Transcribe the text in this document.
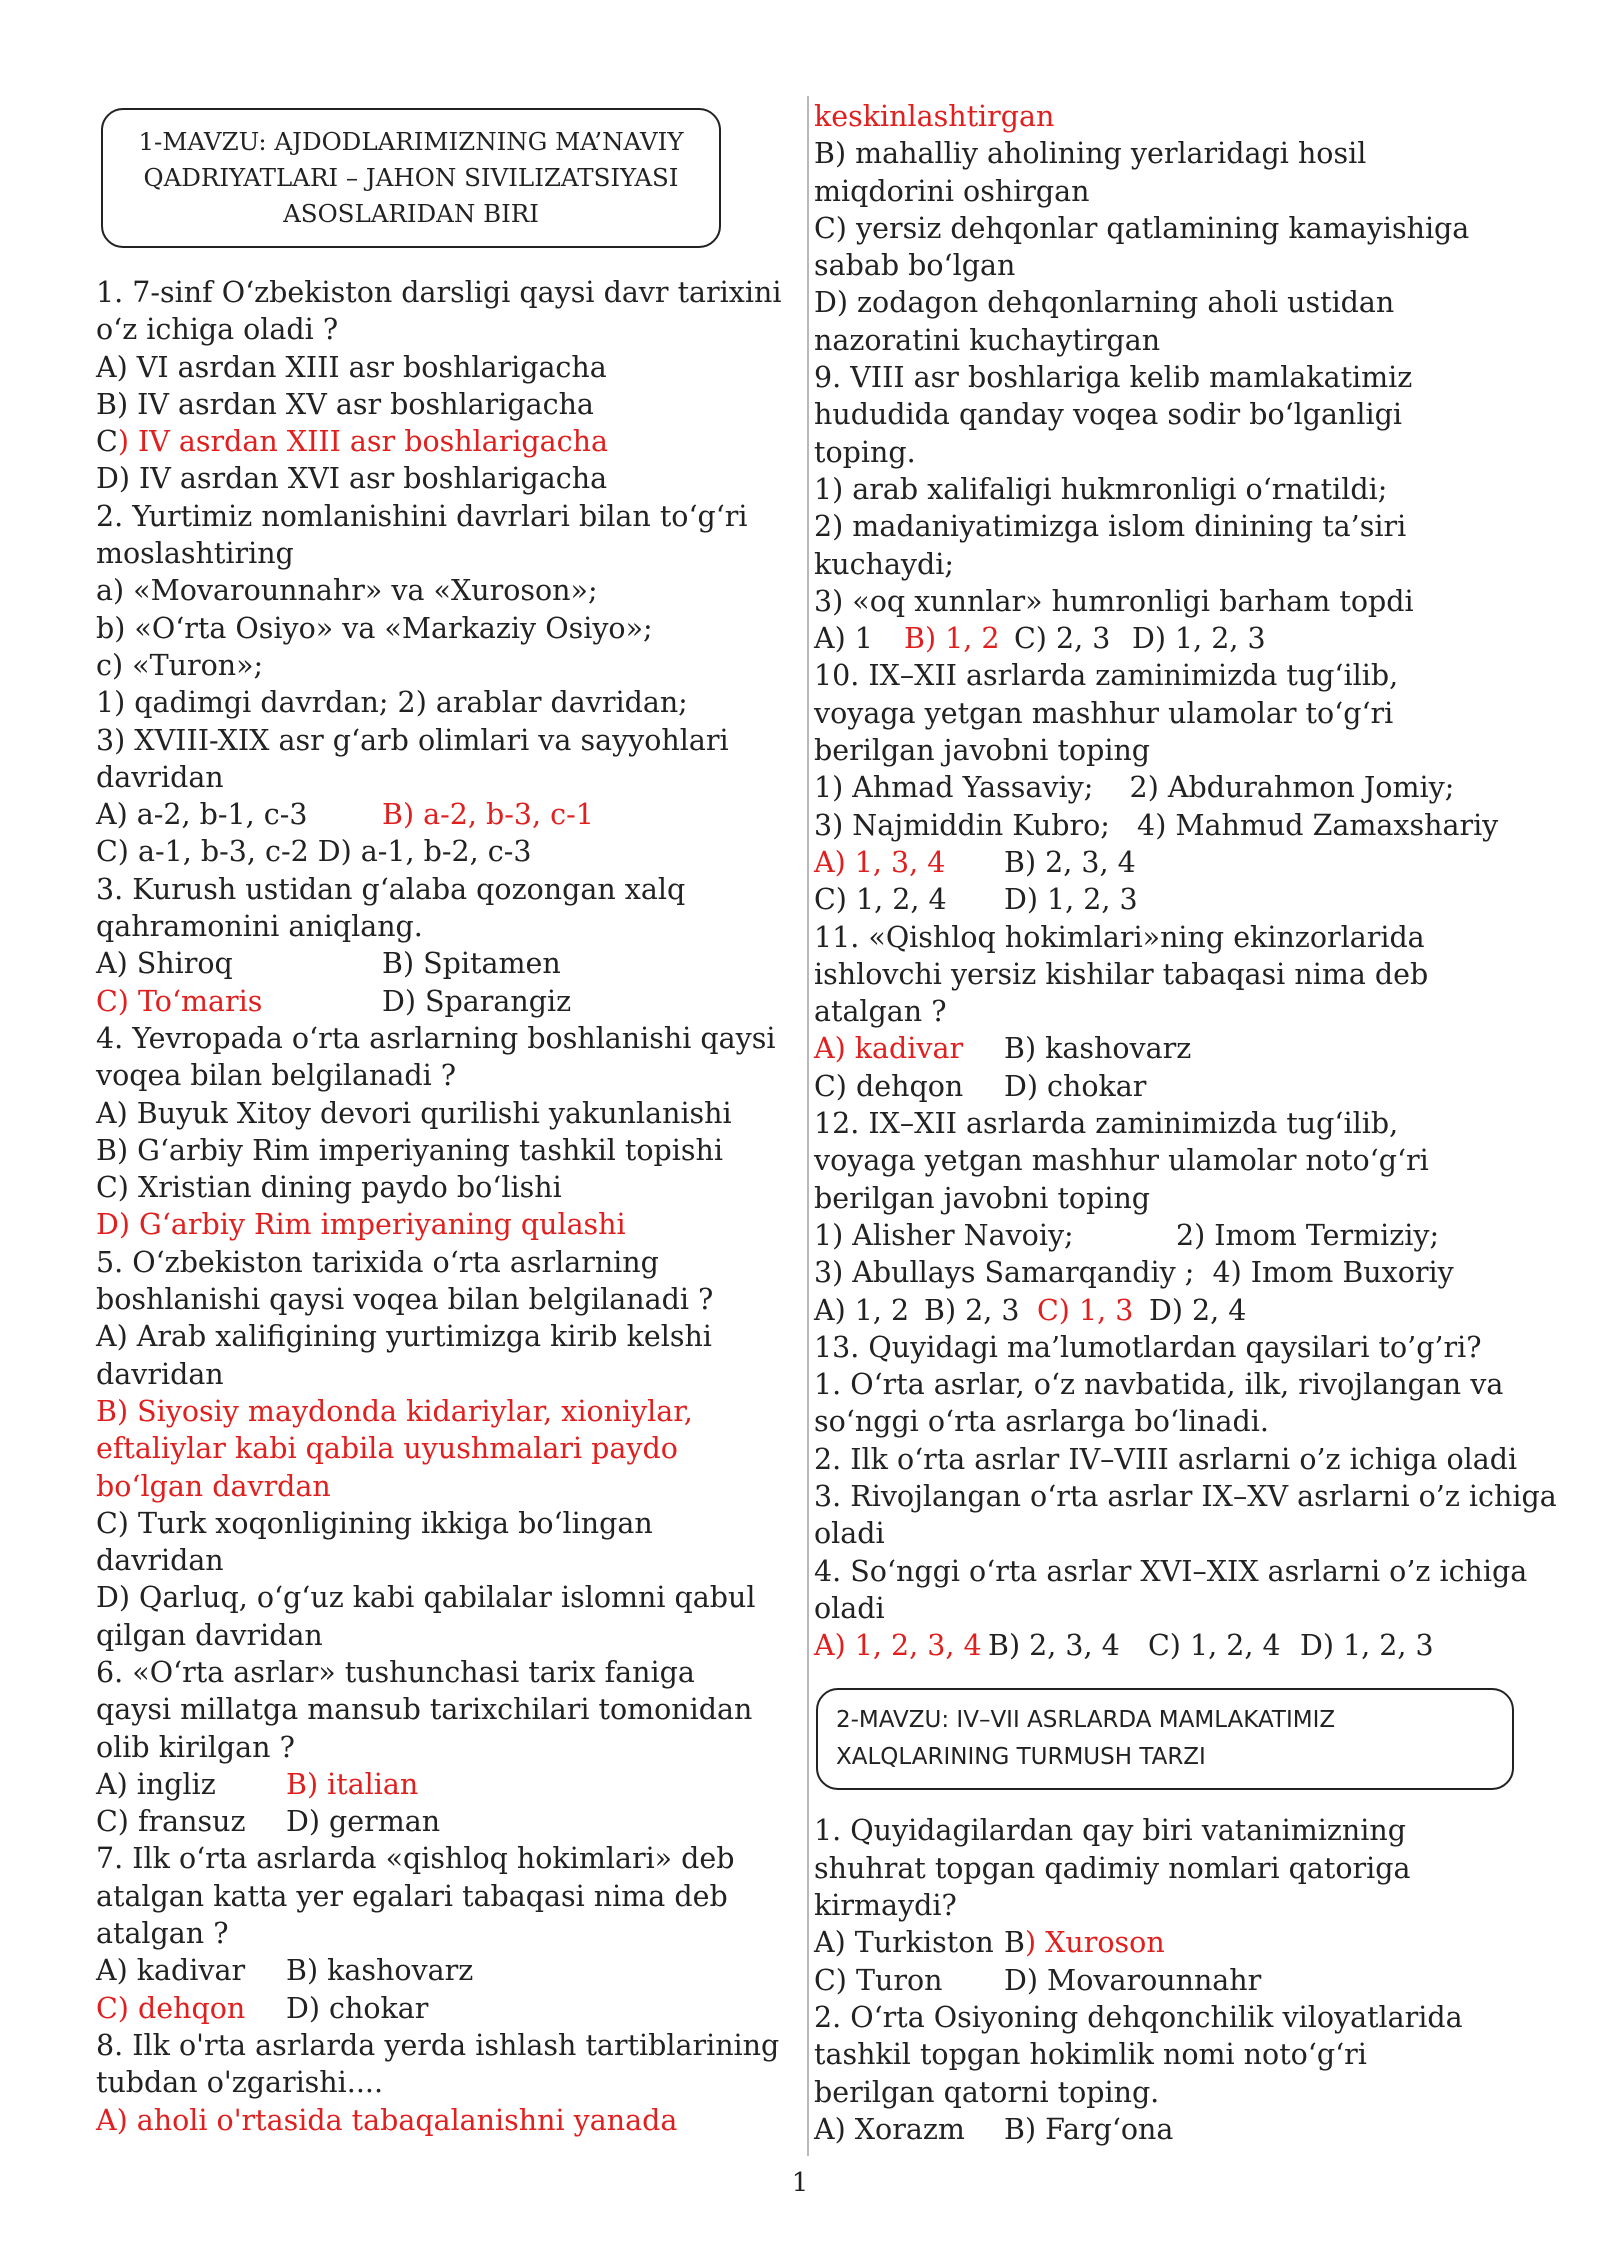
1-MAVZU: AJDODLARIMIZNING MA’NAVIY
QADRIYATLARI – JAHON SIVILIZATSIYASI
ASOSLARIDAN BIRI
1. 7-sinf O‘zbekiston darsligi qaysi davr tarixini
o‘z ichiga oladi ?
A) VI asrdan XIII asr boshlarigacha
B) IV asrdan XV asr boshlarigacha
C) IV asrdan XIII asr boshlarigacha
D) IV asrdan XVI asr boshlarigacha
2. Yurtimiz nomlanishini davrlari bilan to‘g‘ri
moslashtiring
a) «Movarounnahr» va «Xuroson»;
b) «O‘rta Osiyo» va «Markaziy Osiyo»;
c) «Turon»;
1) qadimgi davrdan; 2) arablar davridan;
3) XVIII-XIX asr g‘arb olimlari va sayyohlari
davridan
A) a-2, b-1, c-3	B) a-2, b-3, c-1
C) a-1, b-3, c-2 D) a-1, b-2, c-3
3. Kurush ustidan g‘alaba qozongan xalq
qahramonini aniqlang.
A) Shiroq	B) Spitamen
C) To‘maris	D) Sparangiz
4. Yevropada o‘rta asrlarning boshlanishi qaysi
voqea bilan belgilanadi ?
A) Buyuk Xitoy devori qurilishi yakunlanishi
B) G‘arbiy Rim imperiyaning tashkil topishi
C) Xristian dining paydo bo‘lishi
D) G‘arbiy Rim imperiyaning qulashi
5. O‘zbekiston tarixida o‘rta asrlarning
boshlanishi qaysi voqea bilan belgilanadi ?
A) Arab xalifigining yurtimizga kirib kelshi
davridan
B) Siyosiy maydonda kidariylar, xioniylar,
eftaliylar kabi qabila uyushmalari paydo
bo‘lgan davrdan
C) Turk xoqonligining ikkiga bo‘lingan
davridan
D) Qarluq, o‘g‘uz kabi qabilalar islomni qabul
qilgan davridan
6. «O‘rta asrlar» tushunchasi tarix faniga
qaysi millatga mansub tarixchilari tomonidan
olib kirilgan ?
A) ingliz B) italian
C) fransuz D) german
7. Ilk o‘rta asrlarda «qishloq hokimlari» deb
atalgan katta yer egalari tabaqasi nima deb
atalgan ?
A) kadivar B) kashovarz
C) dehqon D) chokar
8. Ilk o'rta asrlarda yerda ishlash tartiblarining
tubdan o'zgarishi....
A) aholi o'rtasida tabaqalanishni yanada
keskinlashtirgan
B) mahalliy aholining yerlaridagi hosil
miqdorini oshirgan
C) yersiz dehqonlar qatlamining kamayishiga
sabab bo‘lgan
D) zodagon dehqonlarning aholi ustidan
nazoratini kuchaytirgan
9. VIII asr boshlariga kelib mamlakatimiz
hududida qanday voqea sodir bo‘lganligi
toping.
1) arab xalifaligi hukmronligi o‘rnatildi;
2) madaniyatimizga islom dinining ta’siri
kuchaydi;
3) «oq xunnlar» humronligi barham topdi
A) 1 B) 1, 2 C) 2, 3 D) 1, 2, 3
10. IX–XII asrlarda zaminimizda tug‘ilib,
voyaga yetgan mashhur ulamolar to‘g‘ri
berilgan javobni toping
1) Ahmad Yassaviy;    2) Abdurahmon Jomiy;
3) Najmiddin Kubro;   4) Mahmud Zamaxshariy
A) 1, 3, 4 B) 2, 3, 4
C) 1, 2, 4 D) 1, 2, 3
11. «Qishloq hokimlari»ning ekinzorlarida
ishlovchi yersiz kishilar tabaqasi nima deb
atalgan ?
A) kadivar B) kashovarz
C) dehqon D) chokar
12. IX–XII asrlarda zaminimizda tug‘ilib,
voyaga yetgan mashhur ulamolar noto‘g‘ri
berilgan javobni toping
1) Alisher Navoiy;	2) Imom Termiziy;
3) Abullays Samarqandiy ;  4) Imom Buxoriy
A) 1, 2 B) 2, 3 C) 1, 3 D) 2, 4
13. Quyidagi ma’lumotlardan qaysilari to’g’ri?
1. O‘rta asrlar, o‘z navbatida, ilk, rivojlangan va
so‘nggi o‘rta asrlarga bo‘linadi.
2. Ilk o‘rta asrlar IV–VIII asrlarni o’z ichiga oladi
3. Rivojlangan o‘rta asrlar IX–XV asrlarni o’z ichiga
oladi
4. So‘nggi o‘rta asrlar XVI–XIX asrlarni o’z ichiga
oladi
A) 1, 2, 3, 4 B) 2, 3, 4 C) 1, 2, 4 D) 1, 2, 3
2-MAVZU: IV–VII ASRLARDA MAMLAKATIMIZ
XALQLARINING TURMUSH TARZI
1. Quyidagilardan qay biri vatanimizning
shuhrat topgan qadimiy nomlari qatoriga
kirmaydi?
A) Turkiston B) Xuroson
C) Turon D) Movarounnahr
2. O‘rta Osiyoning dehqonchilik viloyatlarida
tashkil topgan hokimlik nomi noto‘g‘ri
berilgan qatorni toping.
A) Xorazm B) Farg‘ona
1
